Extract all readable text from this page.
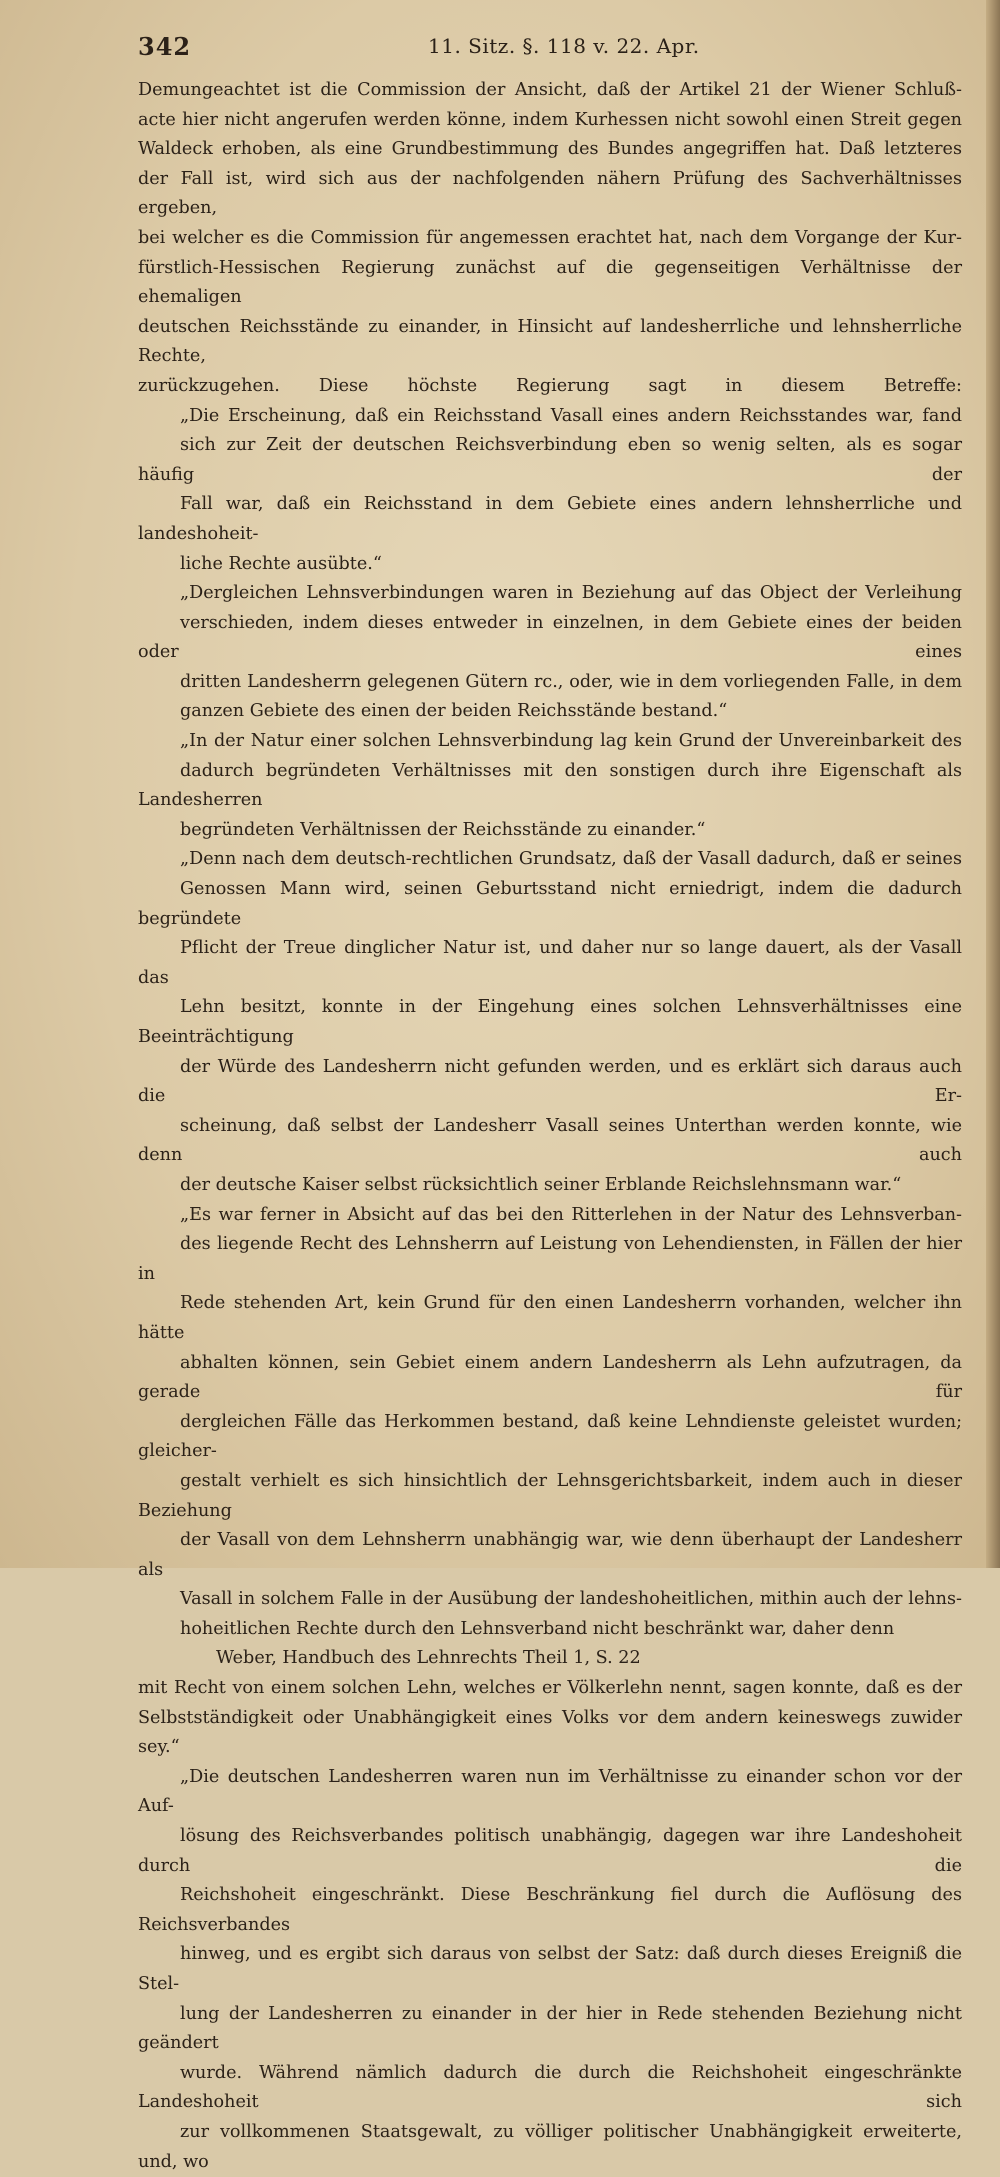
342	11. Sitz. §. 118 v. 22. Apr.

Demungeachtet ist die Commission der Ansicht, daß der Artikel 21 der Wiener Schluß-
acte hier nicht angerufen werden könne, indem Kurhessen nicht sowohl einen Streit gegen
Waldeck erhoben, als eine Grundbestimmung des Bundes angegriffen hat. Daß letzteres
der Fall ist, wird sich aus der nachfolgenden nähern Prüfung des Sachverhältnisses ergeben,
bei welcher es die Commission für angemessen erachtet hat, nach dem Vorgange der Kur-
fürstlich-Hessischen Regierung zunächst auf die gegenseitigen Verhältnisse der ehemaligen
deutschen Reichsstände zu einander, in Hinsicht auf landesherrliche und lehnsherrliche Rechte,
zurückzugehen. Diese höchste Regierung sagt in diesem Betreffe:

„Die Erscheinung, daß ein Reichsstand Vasall eines andern Reichsstandes war, fand
sich zur Zeit der deutschen Reichsverbindung eben so wenig selten, als es sogar häufig der
Fall war, daß ein Reichsstand in dem Gebiete eines andern lehnsherrliche und landeshoheit-
liche Rechte ausübte.“

„Dergleichen Lehnsverbindungen waren in Beziehung auf das Object der Verleihung
verschieden, indem dieses entweder in einzelnen, in dem Gebiete eines der beiden oder eines
dritten Landesherrn gelegenen Gütern rc., oder, wie in dem vorliegenden Falle, in dem
ganzen Gebiete des einen der beiden Reichsstände bestand.“

„In der Natur einer solchen Lehnsverbindung lag kein Grund der Unvereinbarkeit des
dadurch begründeten Verhältnisses mit den sonstigen durch ihre Eigenschaft als Landesherren
begründeten Verhältnissen der Reichsstände zu einander.“

„Denn nach dem deutsch-rechtlichen Grundsatz, daß der Vasall dadurch, daß er seines
Genossen Mann wird, seinen Geburtsstand nicht erniedrigt, indem die dadurch begründete
Pflicht der Treue dinglicher Natur ist, und daher nur so lange dauert, als der Vasall das
Lehn besitzt, konnte in der Eingehung eines solchen Lehnsverhältnisses eine Beeinträchtigung
der Würde des Landesherrn nicht gefunden werden, und es erklärt sich daraus auch die Er-
scheinung, daß selbst der Landesherr Vasall seines Unterthan werden konnte, wie denn auch
der deutsche Kaiser selbst rücksichtlich seiner Erblande Reichslehnsmann war.“

„Es war ferner in Absicht auf das bei den Ritterlehen in der Natur des Lehnsverban-
des liegende Recht des Lehnsherrn auf Leistung von Lehendiensten, in Fällen der hier in
Rede stehenden Art, kein Grund für den einen Landesherrn vorhanden, welcher ihn hätte
abhalten können, sein Gebiet einem andern Landesherrn als Lehn aufzutragen, da gerade für
dergleichen Fälle das Herkommen bestand, daß keine Lehndienste geleistet wurden; gleicher-
gestalt verhielt es sich hinsichtlich der Lehnsgerichtsbarkeit, indem auch in dieser Beziehung
der Vasall von dem Lehnsherrn unabhängig war, wie denn überhaupt der Landesherr als
Vasall in solchem Falle in der Ausübung der landeshoheitlichen, mithin auch der lehns-
hoheitlichen Rechte durch den Lehnsverband nicht beschränkt war, daher denn

Weber, Handbuch des Lehnrechts Theil 1, S. 22

mit Recht von einem solchen Lehn, welches er Völkerlehn nennt, sagen konnte, daß es der
Selbstständigkeit oder Unabhängigkeit eines Volks vor dem andern keineswegs zuwider sey.“

„Die deutschen Landesherren waren nun im Verhältnisse zu einander schon vor der Auf-
lösung des Reichsverbandes politisch unabhängig, dagegen war ihre Landeshoheit durch die
Reichshoheit eingeschränkt. Diese Beschränkung fiel durch die Auflösung des Reichsverbandes
hinweg, und es ergibt sich daraus von selbst der Satz: daß durch dieses Ereigniß die Stel-
lung der Landesherren zu einander in der hier in Rede stehenden Beziehung nicht geändert
wurde. Während nämlich dadurch die durch die Reichshoheit eingeschränkte Landeshoheit sich
zur vollkommenen Staatsgewalt, zu völliger politischer Unabhängigkeit erweiterte, und, wo
